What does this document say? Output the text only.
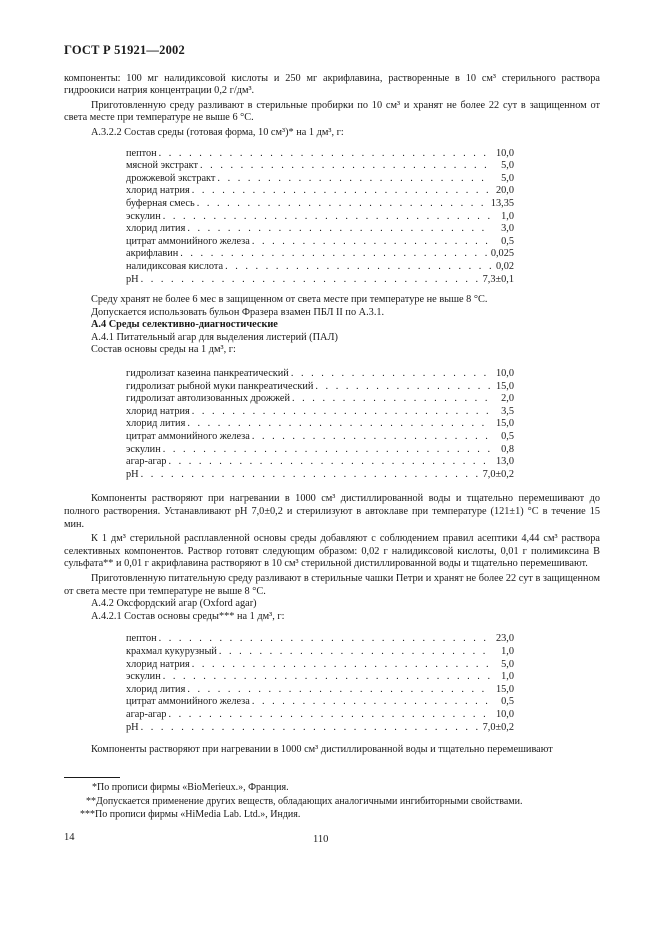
ГОСТ Р 51921—2002

компоненты: 100 мг налидиксовой кислоты и 250 мг акрифлавина, растворенные в 10 см³ стерильного раствора гидроокиси натрия концентрации 0,2 г/дм³.

Приготовленную среду разливают в стерильные пробирки по 10 см³ и хранят не более 22 сут в защищенном от света месте при температуре не выше 6 °С.

А.3.2.2 Состав среды (готовая форма, 10 см³)* на 1 дм³, г:

пептон . . .	10,0
мясной экстракт . . .	5,0
дрожжевой экстракт . . .	5,0
хлорид натрия . . .	20,0
буферная смесь . . .	13,35
эскулин . . .	1,0
хлорид лития . . .	3,0
цитрат аммонийного железа . . .	0,5
акрифлавин . . .	0,025
налидиксовая кислота . . .	0,02
pH . . .	7,3±0,1

Среду хранят не более 6 мес в защищенном от света месте при температуре не выше 8 °С.

Допускается использовать бульон Фразера взамен ПБЛ II по А.3.1.

А.4 Среды селективно-диагностические

А.4.1 Питательный агар для выделения листерий (ПАЛ)

Состав основы среды на 1 дм³, г:

гидролизат казеина панкреатический . . .	10,0
гидролизат рыбной муки панкреатический . . .	15,0
гидролизат автолизованных дрожжей . . .	2,0
хлорид натрия . . .	3,5
хлорид лития . . .	15,0
цитрат аммонийного железа . . .	0,5
эскулин . . .	0,8
агар-агар . . .	13,0
pH . . .	7,0±0,2

Компоненты растворяют при нагревании в 1000 см³ дистиллированной воды и тщательно перемешивают до полного растворения. Устанавливают pH 7,0±0,2 и стерилизуют в автоклаве при температуре (121±1) °С в течение 15 мин.

К 1 дм³ стерильной расплавленной основы среды добавляют с соблюдением правил асептики 4,44 см³ раствора селективных компонентов. Раствор готовят следующим образом: 0,02 г налидиксовой кислоты, 0,01 г полимиксина В сульфата** и 0,01 г акрифлавина растворяют в 10 см³ стерильной дистиллированной воды и тщательно перемешивают.

Приготовленную питательную среду разливают в стерильные чашки Петри и хранят не более 22 сут в защищенном от света месте при температуре не выше 8 °С.

А.4.2 Оксфордский агар (Oxford agar)

А.4.2.1 Состав основы среды*** на 1 дм³, г:

пептон . . .	23,0
крахмал кукурузный . . .	1,0
хлорид натрия . . .	5,0
эскулин . . .	1,0
хлорид лития . . .	15,0
цитрат аммонийного железа . . .	0,5
агар-агар . . .	10,0
pH . . .	7,0±0,2

Компоненты растворяют при нагревании в 1000 см³ дистиллированной воды и тщательно перемешивают

*По прописи фирмы «BioMerieux.», Франция.

**Допускается применение других веществ, обладающих аналогичными ингибиторными свойствами.

***По прописи фирмы «HiMedia Lab. Ltd.», Индия.

14	110
